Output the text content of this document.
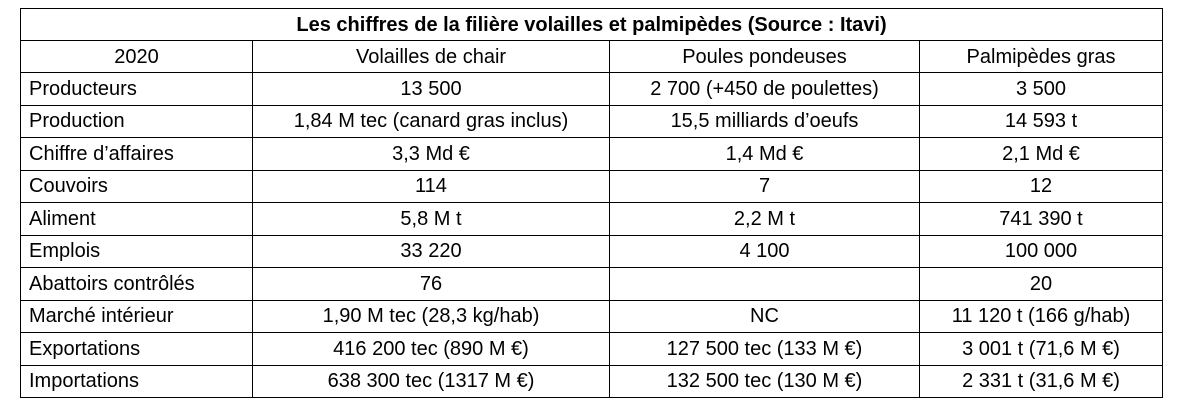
Les chiffres de la filière volailles et palmipèdes (Source : Itavi)			
2020	Volailles de chair	Poules pondeuses	Palmipèdes gras
Producteurs	13 500	2 700 (+450 de poulettes)	3 500
Production	1,84 M tec (canard gras inclus)	15,5 milliards d’oeufs	14 593 t
Chiffre d’affaires	3,3 Md €	1,4 Md €	2,1 Md €
Couvoirs	114	7	12
Aliment	5,8 M t	2,2 M t	741 390 t
Emplois	33 220	4 100	100 000
Abattoirs contrôlés	76		20
Marché intérieur	1,90 M tec (28,3 kg/hab)	NC	11 120 t (166 g/hab)
Exportations	416 200 tec (890 M €)	127 500 tec (133 M €)	3 001 t (71,6 M €)
Importations	638 300 tec (1317 M €)	132 500 tec (130 M €)	2 331 t (31,6 M €)
